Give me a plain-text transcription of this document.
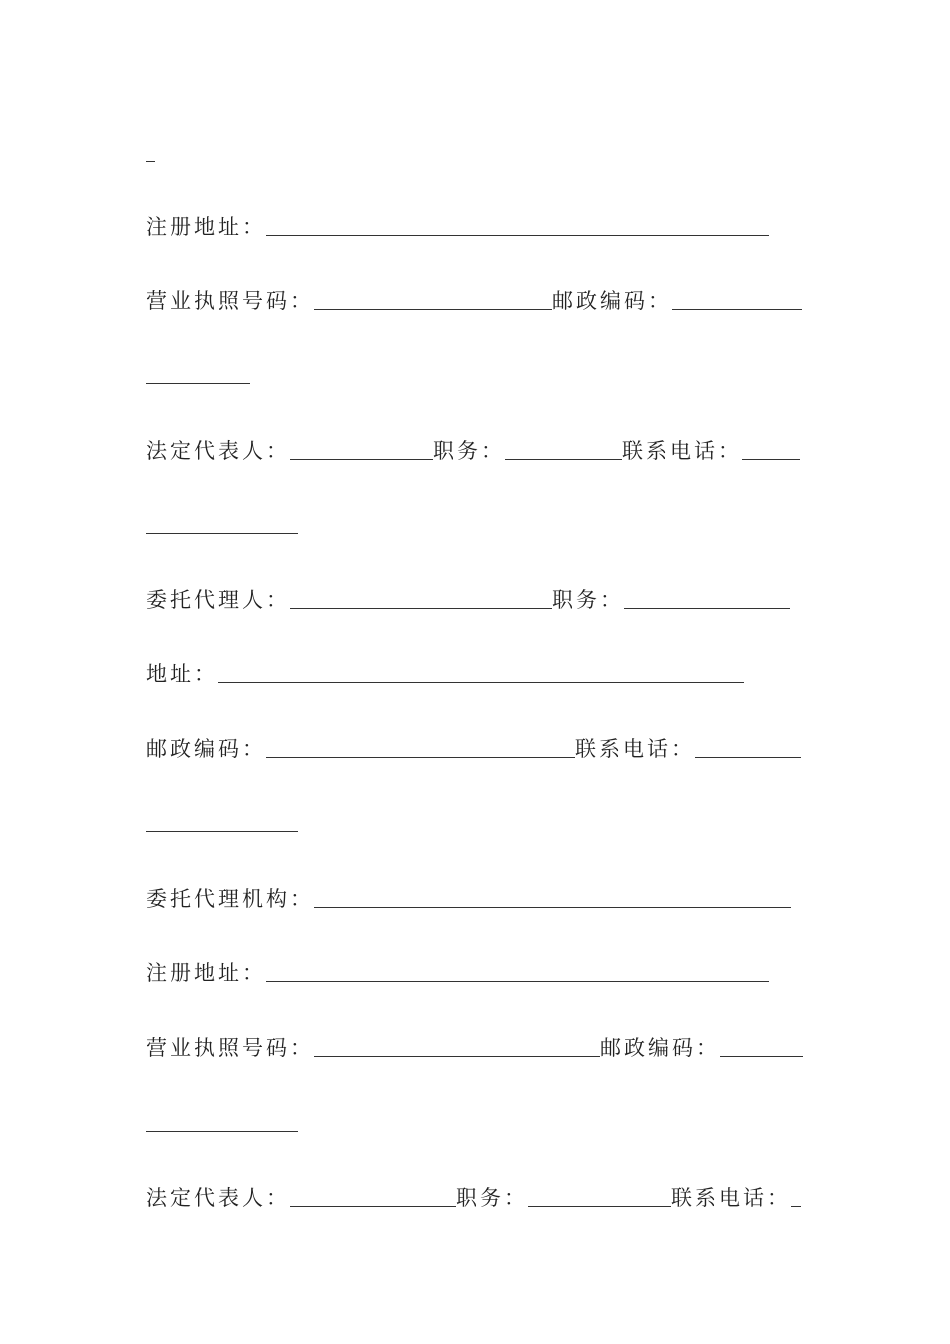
注册地址：
营业执照号码：	邮政编码：
法定代表人：	职务：	联系电话：
委托代理人：	职务：
地址：
邮政编码：	联系电话：
委托代理机构：
注册地址：
营业执照号码：	邮政编码：
法定代表人：	职务：	联系电话：
